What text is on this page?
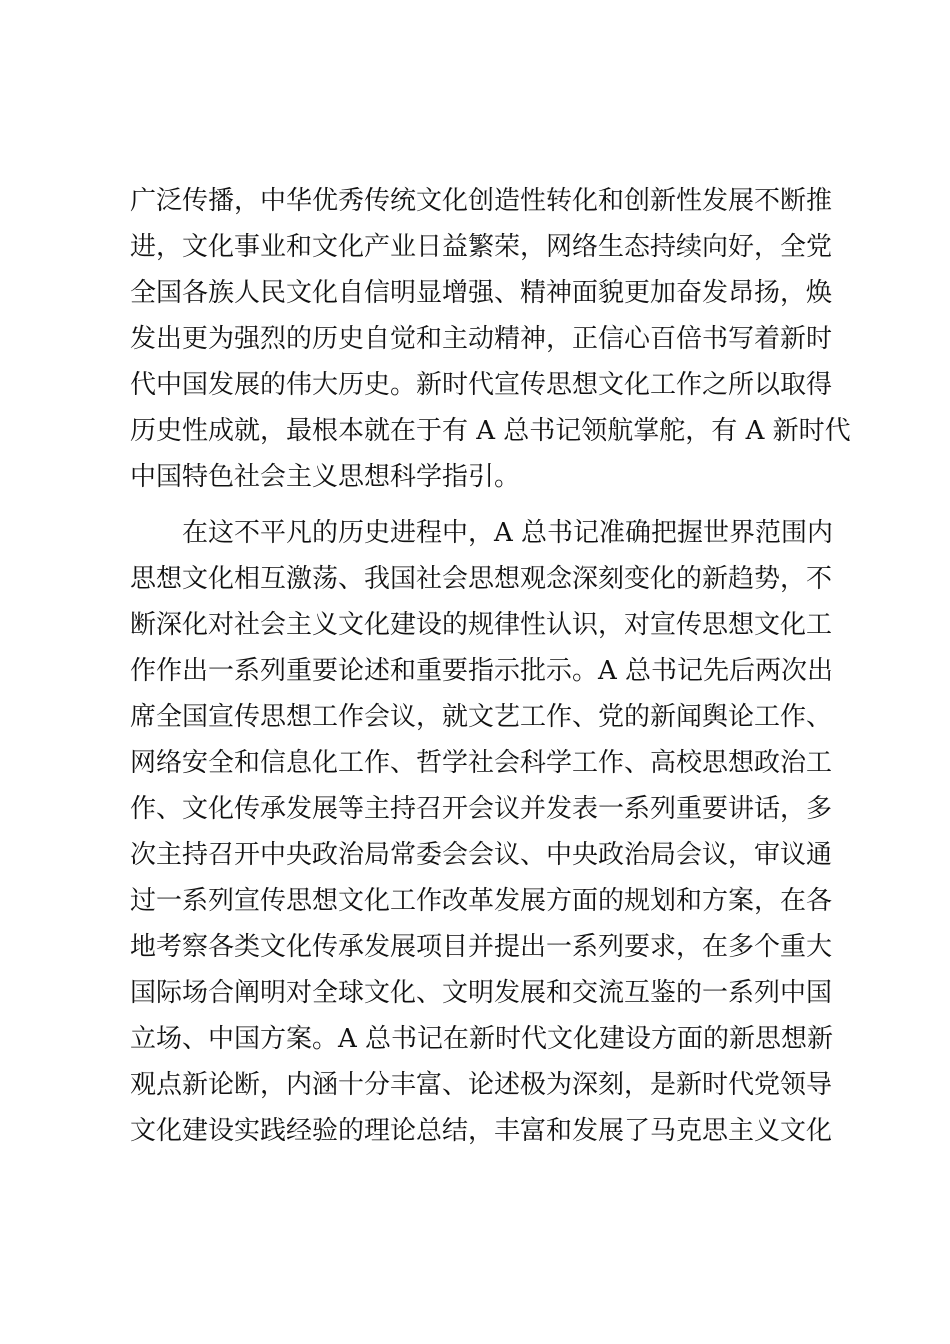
广泛传播，中华优秀传统文化创造性转化和创新性发展不断推
进，文化事业和文化产业日益繁荣，网络生态持续向好，全党
全国各族人民文化自信明显增强、精神面貌更加奋发昂扬，焕
发出更为强烈的历史自觉和主动精神，正信心百倍书写着新时
代中国发展的伟大历史。新时代宣传思想文化工作之所以取得
历史性成就，最根本就在于有 A 总书记领航掌舵，有 A 新时代
中国特色社会主义思想科学指引。
在这不平凡的历史进程中，A 总书记准确把握世界范围内
思想文化相互激荡、我国社会思想观念深刻变化的新趋势，不
断深化对社会主义文化建设的规律性认识，对宣传思想文化工
作作出一系列重要论述和重要指示批示。A 总书记先后两次出
席全国宣传思想工作会议，就文艺工作、党的新闻舆论工作、
网络安全和信息化工作、哲学社会科学工作、高校思想政治工
作、文化传承发展等主持召开会议并发表一系列重要讲话，多
次主持召开中央政治局常委会会议、中央政治局会议，审议通
过一系列宣传思想文化工作改革发展方面的规划和方案，在各
地考察各类文化传承发展项目并提出一系列要求，在多个重大
国际场合阐明对全球文化、文明发展和交流互鉴的一系列中国
立场、中国方案。A 总书记在新时代文化建设方面的新思想新
观点新论断，内涵十分丰富、论述极为深刻，是新时代党领导
文化建设实践经验的理论总结，丰富和发展了马克思主义文化
